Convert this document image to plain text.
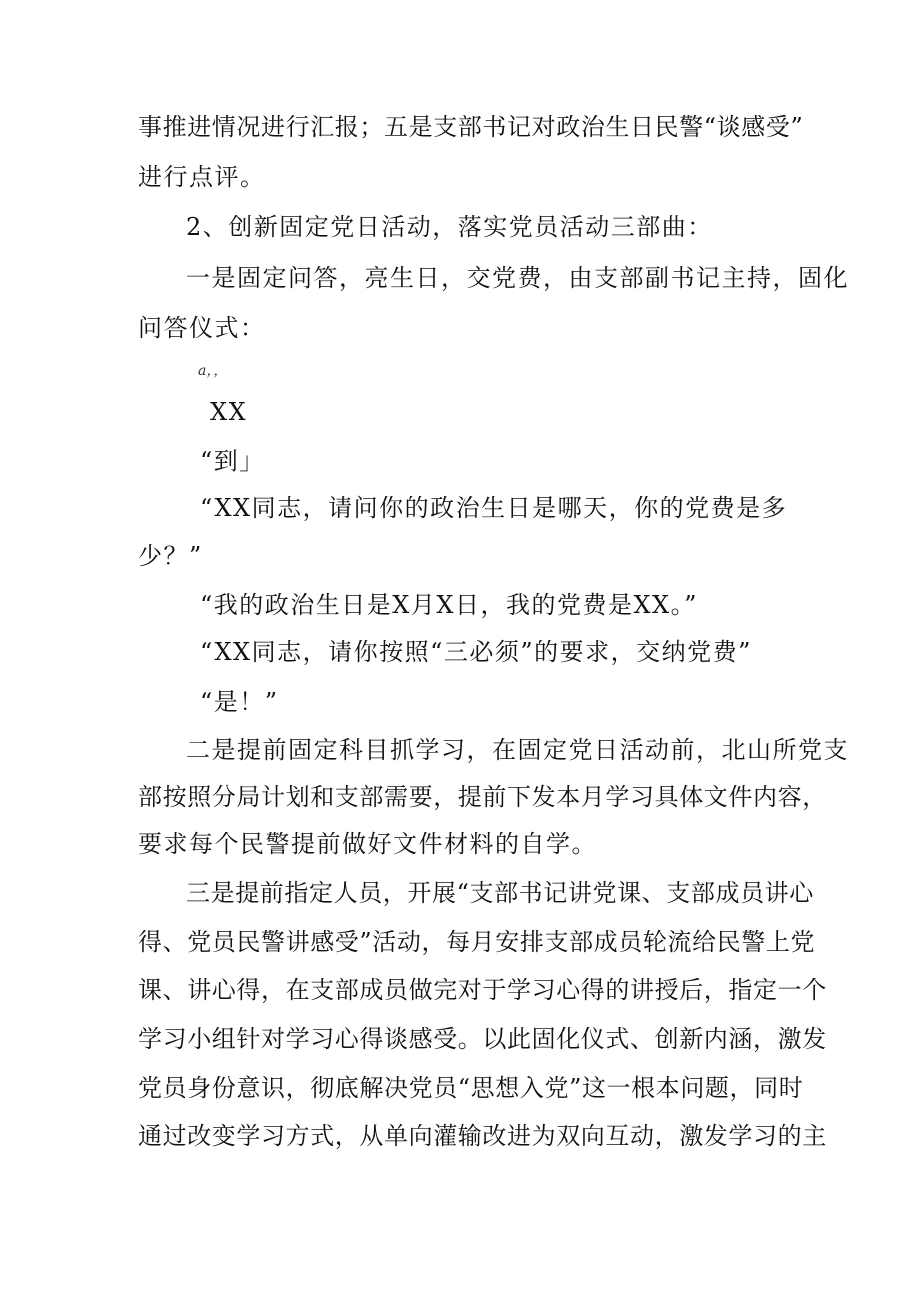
事推进情况进行汇报；五是支部书记对政治生日民警“谈感受”
进行点评。
2、创新固定党日活动，落实党员活动三部曲：
一是固定问答，亮生日，交党费，由支部副书记主持，固化
问答仪式：
a，，
XX
“到」
“XX同志，请问你的政治生日是哪天，你的党费是多
少？”
“我的政治生日是X月X日，我的党费是XX。”
“XX同志，请你按照“三必须”的要求，交纳党费”
“是！”
二是提前固定科目抓学习，在固定党日活动前，北山所党支
部按照分局计划和支部需要，提前下发本月学习具体文件内容，
要求每个民警提前做好文件材料的自学。
三是提前指定人员，开展“支部书记讲党课、支部成员讲心
得、党员民警讲感受”活动，每月安排支部成员轮流给民警上党
课、讲心得，在支部成员做完对于学习心得的讲授后，指定一个
学习小组针对学习心得谈感受。以此固化仪式、创新内涵，激发
党员身份意识，彻底解决党员“思想入党”这一根本问题，同时
通过改变学习方式，从单向灌输改进为双向互动，激发学习的主
